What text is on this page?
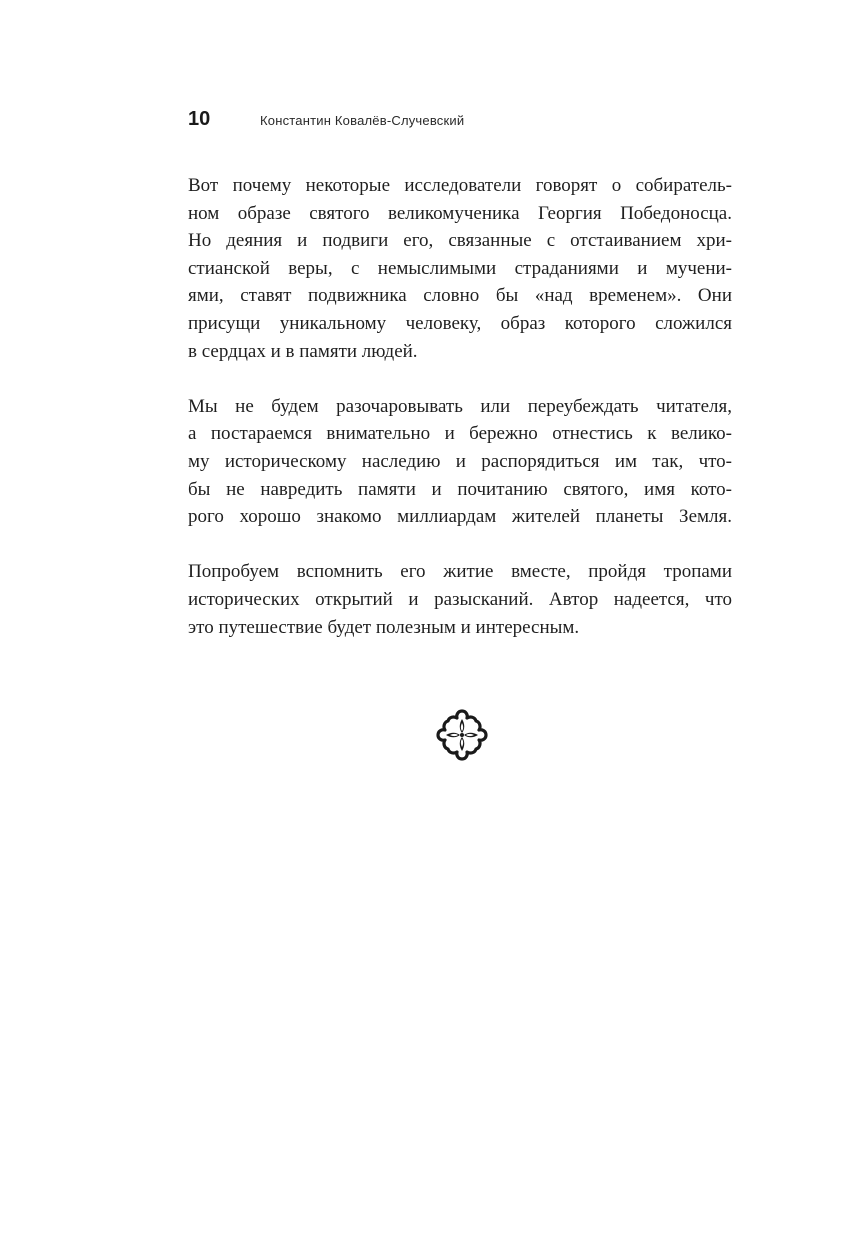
10	Константин Ковалёв-Случевский
Вот почему некоторые исследователи говорят о собиратель-
ном образе святого великомученика Георгия Победоносца.
Но деяния и подвиги его, связанные с отстаиванием хри-
стианской веры, с немыслимыми страданиями и мучени-
ями, ставят подвижника словно бы «над временем». Они
присущи уникальному человеку, образ которого сложился
в сердцах и в памяти людей.
Мы не будем разочаровывать или переубеждать читателя,
а постараемся внимательно и бережно отнестись к велико-
му историческому наследию и распорядиться им так, что-
бы не навредить памяти и почитанию святого, имя кото-
рого хорошо знакомо миллиардам жителей планеты Земля.
Попробуем вспомнить его житие вместе, пройдя тропами
исторических открытий и разысканий. Автор надеется, что
это путешествие будет полезным и интересным.
